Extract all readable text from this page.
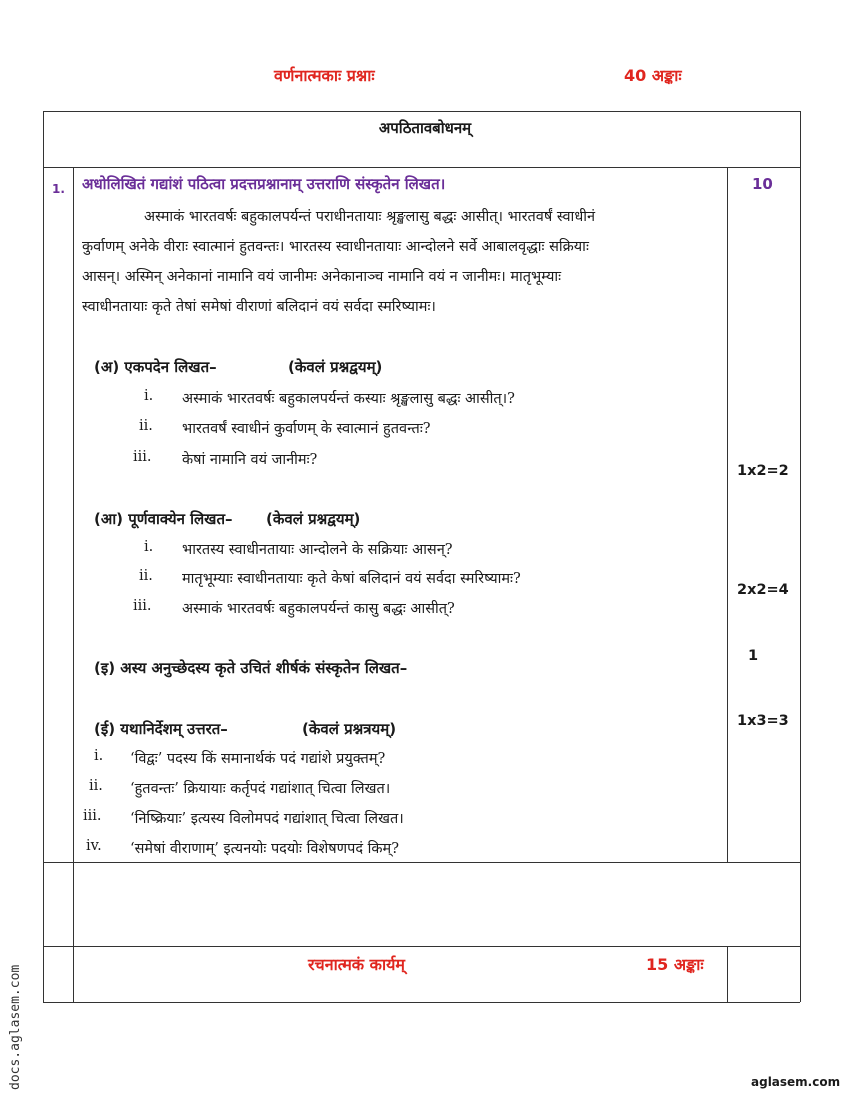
वर्णनात्मकाः प्रश्नाः	40 अङ्काः
अपठितावबोधनम्
1. अधोलिखितं गद्यांशं पठित्वा प्रदत्तप्रश्नानाम् उत्तराणि संस्कृतेन लिखत।	10
अस्माकं भारतवर्षः बहुकालपर्यन्तं पराधीनतायाः श्रृङ्खलासु बद्धः आसीत्। भारतवर्षं स्वाधीनं
कुर्वाणम् अनेके वीराः स्वात्मानं हुतवन्तः। भारतस्य स्वाधीनतायाः आन्दोलने सर्वे आबालवृद्धाः सक्रियाः
आसन्। अस्मिन् अनेकानां नामानि वयं जानीमः अनेकानाञ्च नामानि वयं न जानीमः। मातृभूम्याः
स्वाधीनतायाः कृते तेषां समेषां वीराणां बलिदानं वयं सर्वदा स्मरिष्यामः।
(अ) एकपदेन लिखत–	(केवलं प्रश्नद्वयम्)
i. अस्माकं भारतवर्षः बहुकालपर्यन्तं कस्याः श्रृङ्खलासु बद्धः आसीत्।?
ii. भारतवर्षं स्वाधीनं कुर्वाणम् के स्वात्मानं हुतवन्तः?
iii. केषां नामानि वयं जानीमः?
1x2=2
(आ) पूर्णवाक्येन लिखत– (केवलं प्रश्नद्वयम्)
i. भारतस्य स्वाधीनतायाः आन्दोलने के सक्रियाः आसन्?
ii. मातृभूम्याः स्वाधीनतायाः कृते केषां बलिदानं वयं सर्वदा स्मरिष्यामः?
iii. अस्माकं भारतवर्षः बहुकालपर्यन्तं कासु बद्धः आसीत्?
2x2=4
(इ) अस्य अनुच्छेदस्य कृते उचितं शीर्षकं संस्कृतेन लिखत–
1
(ई) यथानिर्देशम् उत्तरत–	(केवलं प्रश्नत्रयम्)	1x3=3
i. ‘विद्वः’ पदस्य किं समानार्थकं पदं गद्यांशे प्रयुक्तम्?
ii. ‘हुतवन्तः’ क्रियायाः कर्तृपदं गद्यांशात् चित्वा लिखत।
iii. ‘निष्क्रियाः’ इत्यस्य विलोमपदं गद्यांशात् चित्वा लिखत।
iv. ‘समेषां वीराणाम्’ इत्यनयोः पदयोः विशेषणपदं किम्?
रचनात्मकं कार्यम्	15 अङ्काः
docs.aglasem.com	aglasem.com
